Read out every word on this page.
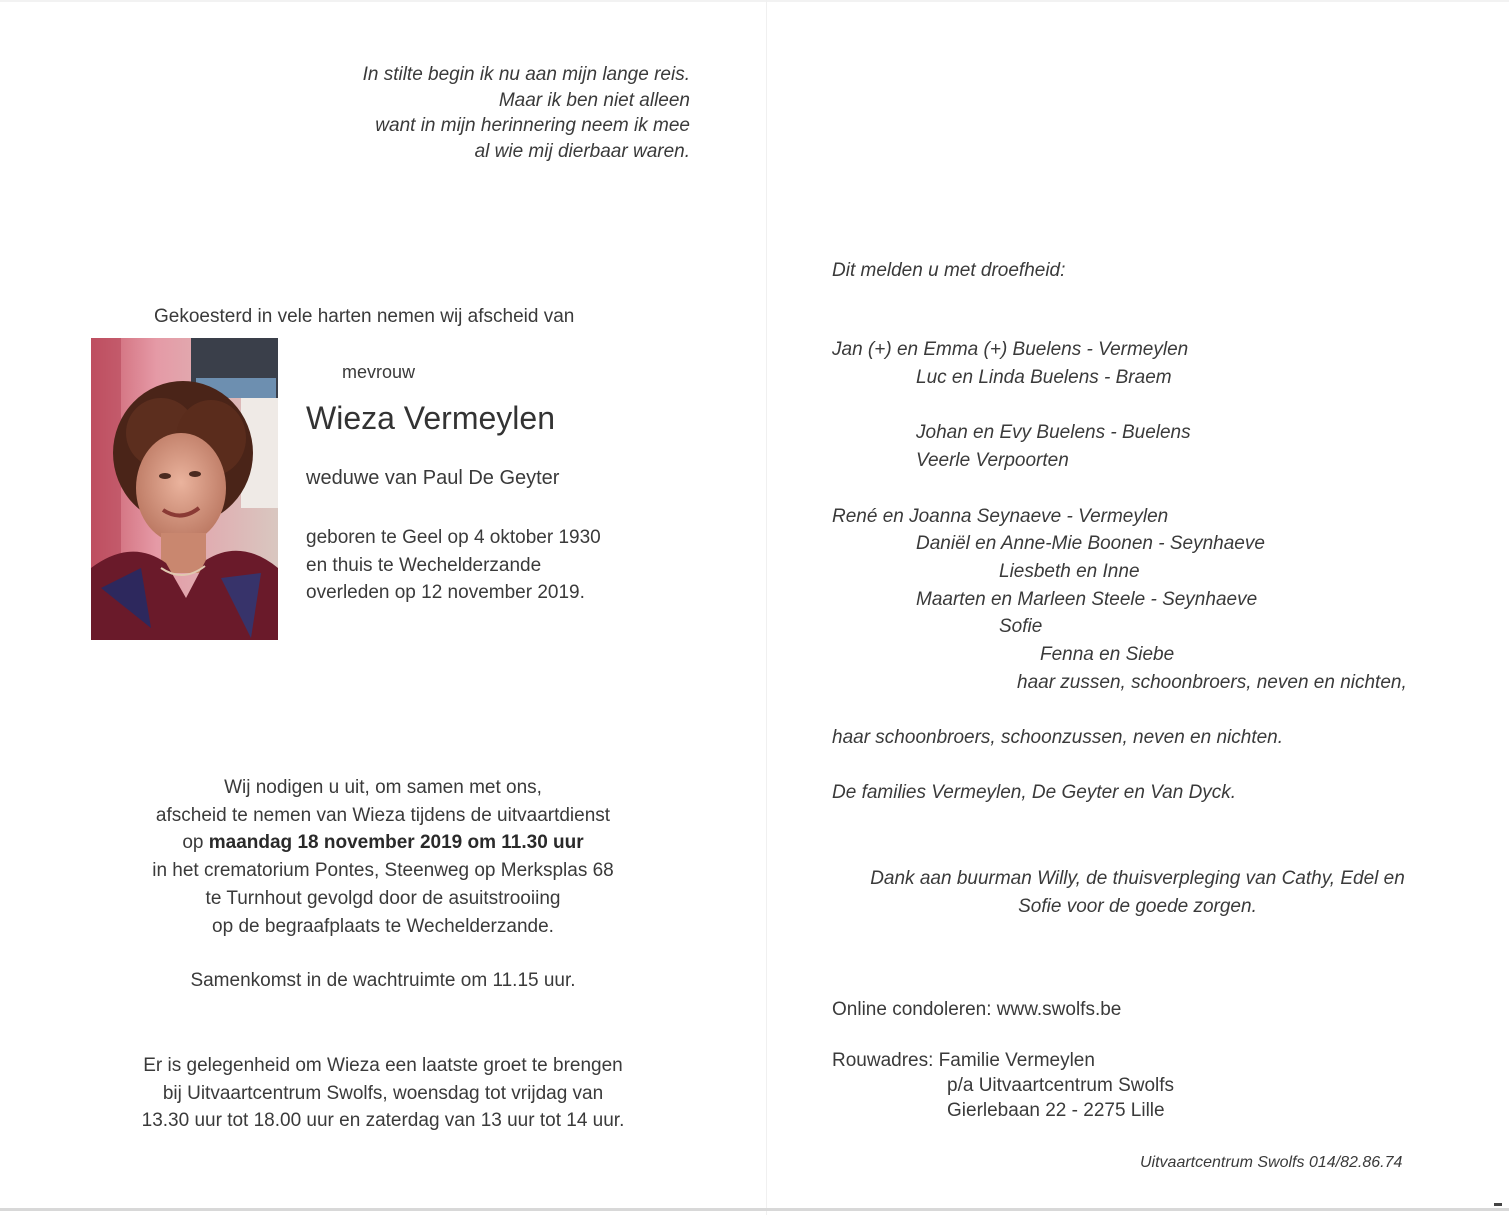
In stilte begin ik nu aan mijn lange reis.
Maar ik ben niet alleen
want in mijn herinnering neem ik mee
al wie mij dierbaar waren.
Gekoesterd in vele harten nemen wij afscheid van
mevrouw
Wieza Vermeylen
weduwe van Paul De Geyter
geboren te Geel op 4 oktober 1930
en thuis te Wechelderzande
overleden op 12 november 2019.
Wij nodigen u uit, om samen met ons,
afscheid te nemen van Wieza tijdens de uitvaartdienst
op maandag 18 november 2019 om 11.30 uur
in het crematorium Pontes, Steenweg op Merksplas 68
te Turnhout gevolgd door de asuitstrooiing
op de begraafplaats te Wechelderzande.
Samenkomst in de wachtruimte om 11.15 uur.
Er is gelegenheid om Wieza een laatste groet te brengen
bij Uitvaartcentrum Swolfs, woensdag tot vrijdag van
13.30 uur tot 18.00 uur en zaterdag van 13 uur tot 14 uur.
Dit melden u met droefheid:
Jan (+) en Emma (+) Buelens - Vermeylen
Luc en Linda Buelens - Braem
Johan en Evy Buelens - Buelens
Veerle Verpoorten
René en Joanna Seynaeve - Vermeylen
Daniël en Anne-Mie Boonen - Seynhaeve
Liesbeth en Inne
Maarten en Marleen Steele - Seynhaeve
Sofie
Fenna en Siebe
haar zussen, schoonbroers, neven en nichten,
haar schoonbroers, schoonzussen, neven en nichten.
De families Vermeylen, De Geyter en Van Dyck.
Dank aan buurman Willy, de thuisverpleging van Cathy, Edel en
Sofie voor de goede zorgen.
Online condoleren: www.swolfs.be
Rouwadres: Familie Vermeylen
p/a Uitvaartcentrum Swolfs
Gierlebaan 22 - 2275 Lille
Uitvaartcentrum Swolfs 014/82.86.74
